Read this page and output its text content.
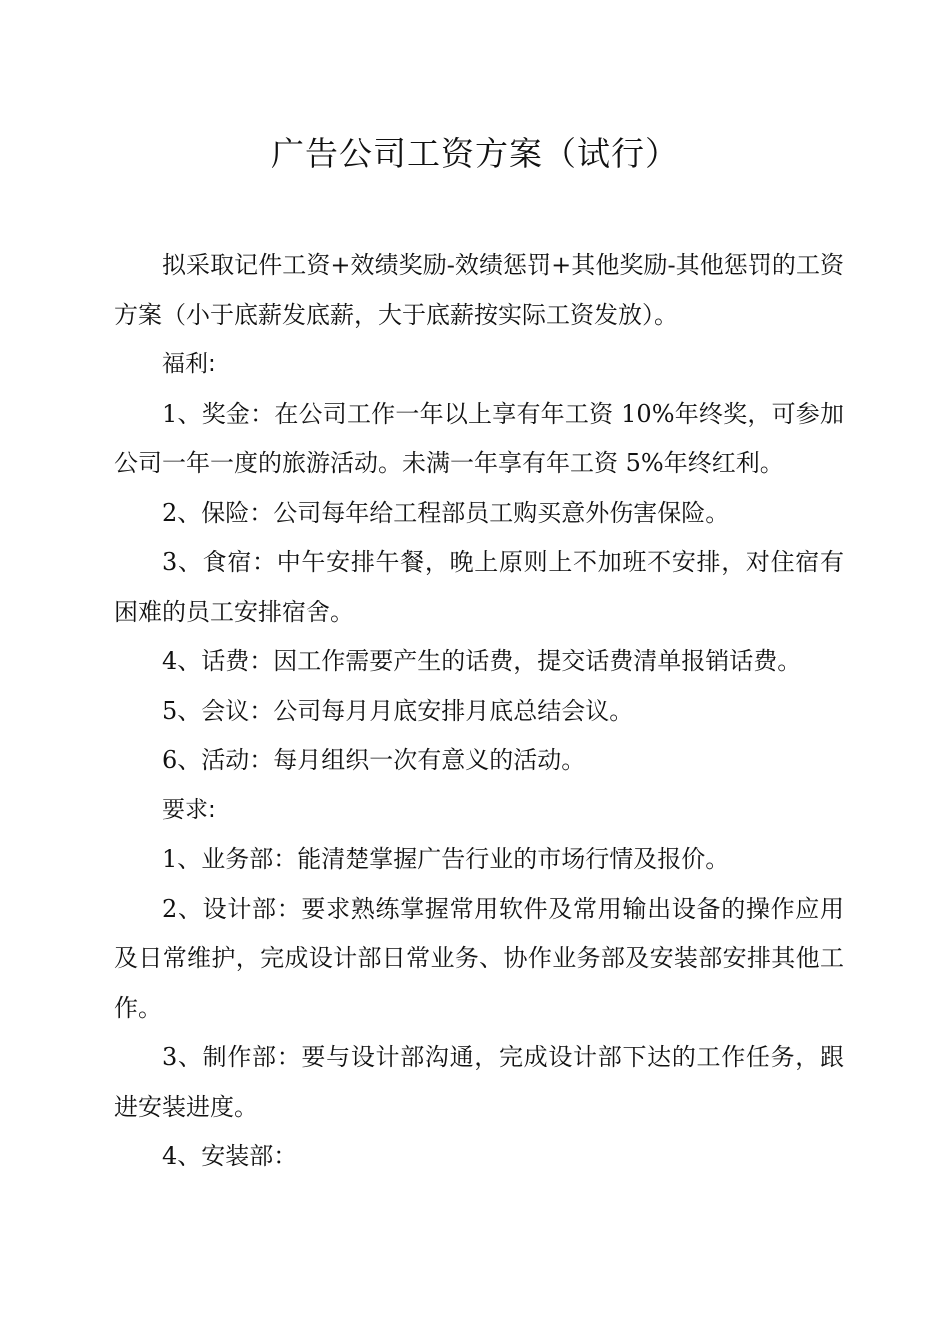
广告公司工资方案（试行）

拟采取记件工资+效绩奖励-效绩惩罚+其他奖励-其他惩罚的工资方案（小于底薪发底薪，大于底薪按实际工资发放）。

福利:

1、奖金：在公司工作一年以上享有年工资 10%年终奖，可参加公司一年一度的旅游活动。未满一年享有年工资 5%年终红利。

2、保险：公司每年给工程部员工购买意外伤害保险。

3、食宿：中午安排午餐，晚上原则上不加班不安排，对住宿有困难的员工安排宿舍。

4、话费：因工作需要产生的话费，提交话费清单报销话费。

5、会议：公司每月月底安排月底总结会议。

6、活动：每月组织一次有意义的活动。

要求:

1、业务部：能清楚掌握广告行业的市场行情及报价。

2、设计部：要求熟练掌握常用软件及常用输出设备的操作应用及日常维护，完成设计部日常业务、协作业务部及安装部安排其他工作。

3、制作部：要与设计部沟通，完成设计部下达的工作任务，跟进安装进度。

4、安装部：
